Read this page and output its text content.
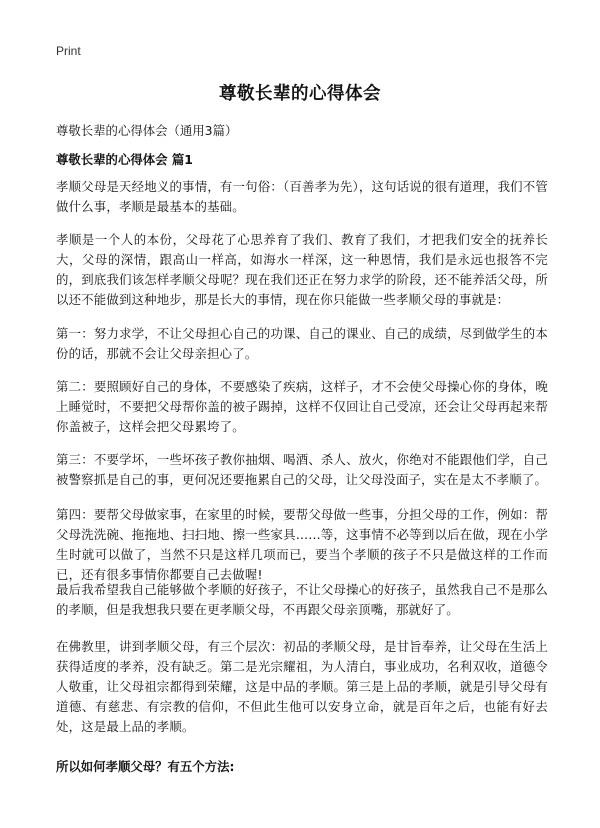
Print
尊敬长辈的心得体会
尊敬长辈的心得体会（通用3篇）
尊敬长辈的心得体会 篇1

孝顺父母是天经地义的事情，有一句俗：（百善孝为先），这句话说的很有道理，我们不管做什么事，孝顺是最基本的基础。

孝顺是一个人的本份，父母花了心思养育了我们、教育了我们，才把我们安全的抚养长大，父母的深情，跟高山一样高，如海水一样深，这一种恩情，我们是永远也报答不完的，到底我们该怎样孝顺父母呢？现在我们还正在努力求学的阶段，还不能养活父母，所以还不能做到这种地步，那是长大的事情，现在你只能做一些孝顺父母的事就是：

第一：努力求学，不让父母担心自己的功课、自己的课业、自己的成绩，尽到做学生的本份的话，那就不会让父母亲担心了。

第二：要照顾好自己的身体，不要感染了疾病，这样子，才不会使父母操心你的身体，晚上睡觉时，不要把父母帮你盖的被子踢掉，这样不仅回让自己受凉，还会让父母再起来帮你盖被子，这样会把父母累垮了。

第三：不要学坏，一些坏孩子教你抽烟、喝酒、杀人、放火，你绝对不能跟他们学，自己被警察抓是自己的事，更何况还要拖累自己的父母，让父母没面子，实在是太不孝顺了。

第四：要帮父母做家事，在家里的时候，要帮父母做一些事，分担父母的工作，例如：帮父母洗洗碗、拖拖地、扫扫地、擦一些家具……等，这事情不必等到以后在做，现在小学生时就可以做了，当然不只是这样几项而已，要当个孝顺的孩子不只是做这样的工作而已，还有很多事情你都要自己去做喔!

最后我希望我自己能够做个孝顺的好孩子，不让父母操心的好孩子，虽然我自己不是那么的孝顺，但是我想我只要在更孝顺父母，不再跟父母亲顶嘴，那就好了。

在佛教里，讲到孝顺父母，有三个层次：初品的孝顺父母，是甘旨奉养，让父母在生活上获得适度的孝养，没有缺乏。第二是光宗耀祖，为人清白，事业成功，名利双收，道德令人敬重，让父母祖宗都得到荣耀，这是中品的孝顺。第三是上品的孝顺，就是引导父母有道德、有慈悲、有宗教的信仰，不但此生他可以安身立命，就是百年之后，也能有好去处，这是最上品的孝顺。

所以如何孝顺父母？有五个方法:
